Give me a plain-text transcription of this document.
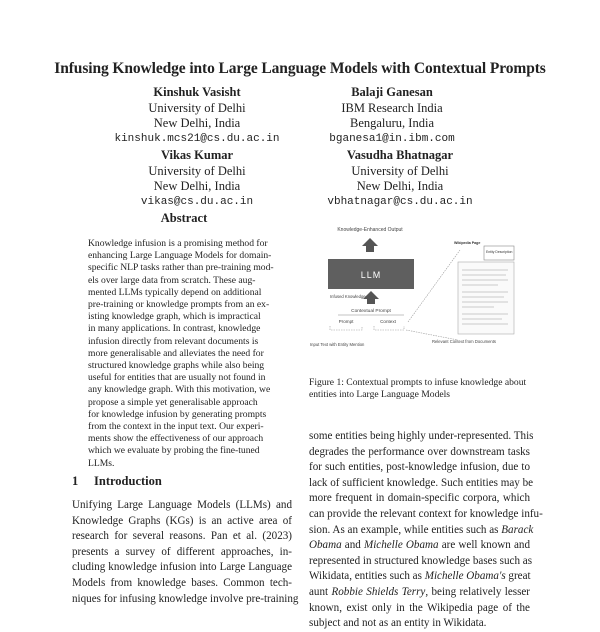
Infusing Knowledge into Large Language Models with Contextual Prompts
Kinshuk Vasisht
University of Delhi
New Delhi, India
kinshuk.mcs21@cs.du.ac.in
Balaji Ganesan
IBM Research India
Bengaluru, India
bganesa1@in.ibm.com
Vikas Kumar
University of Delhi
New Delhi, India
vikas@cs.du.ac.in
Vasudha Bhatnagar
University of Delhi
New Delhi, India
vbhatnagar@cs.du.ac.in
Abstract
Knowledge infusion is a promising method for
enhancing Large Language Models for domain-
specific NLP tasks rather than pre-training mod-
els over large data from scratch. These aug-
mented LLMs typically depend on additional
pre-training or knowledge prompts from an ex-
isting knowledge graph, which is impractical
in many applications. In contrast, knowledge
infusion directly from relevant documents is
more generalisable and alleviates the need for
structured knowledge graphs while also being
useful for entities that are usually not found in
any knowledge graph. With this motivation, we
propose a simple yet generalisable approach
for knowledge infusion by generating prompts
from the context in the input text. Our experi-
ments show the effectiveness of our approach
which we evaluate by probing the fine-tuned
LLMs.
1 Introduction
Unifying Large Language Models (LLMs) and
Knowledge Graphs (KGs) is an active area of
research for several reasons. Pan et al. (2023)
presents a survey of different approaches, in-
cluding knowledge infusion into Large Language
Models from knowledge bases. Common tech-
niques for infusing knowledge involve pre-training
Knowledge-Enhanced Output
LLM
Infused Knowledge
Contextual Prompt
Prompt	Context
Input Text with Entity Mention
Relevant Context from Documents
Wikipedia Page
Entity Description
Figure 1: Contextual prompts to infuse knowledge about entities into Large Language Models
some entities being highly under-represented. This
degrades the performance over downstream tasks
for such entities, post-knowledge infusion, due to
lack of sufficient knowledge. Such entities may be
more frequent in domain-specific corpora, which
can provide the relevant context for knowledge infu-
sion. As an example, while entities such as Barack
Obama and Michelle Obama are well known and
represented in structured knowledge bases such as
Wikidata, entities such as Michelle Obama's great
aunt Robbie Shields Terry, being relatively lesser
known, exist only in the Wikipedia page of the
subject and not as an entity in Wikidata.
